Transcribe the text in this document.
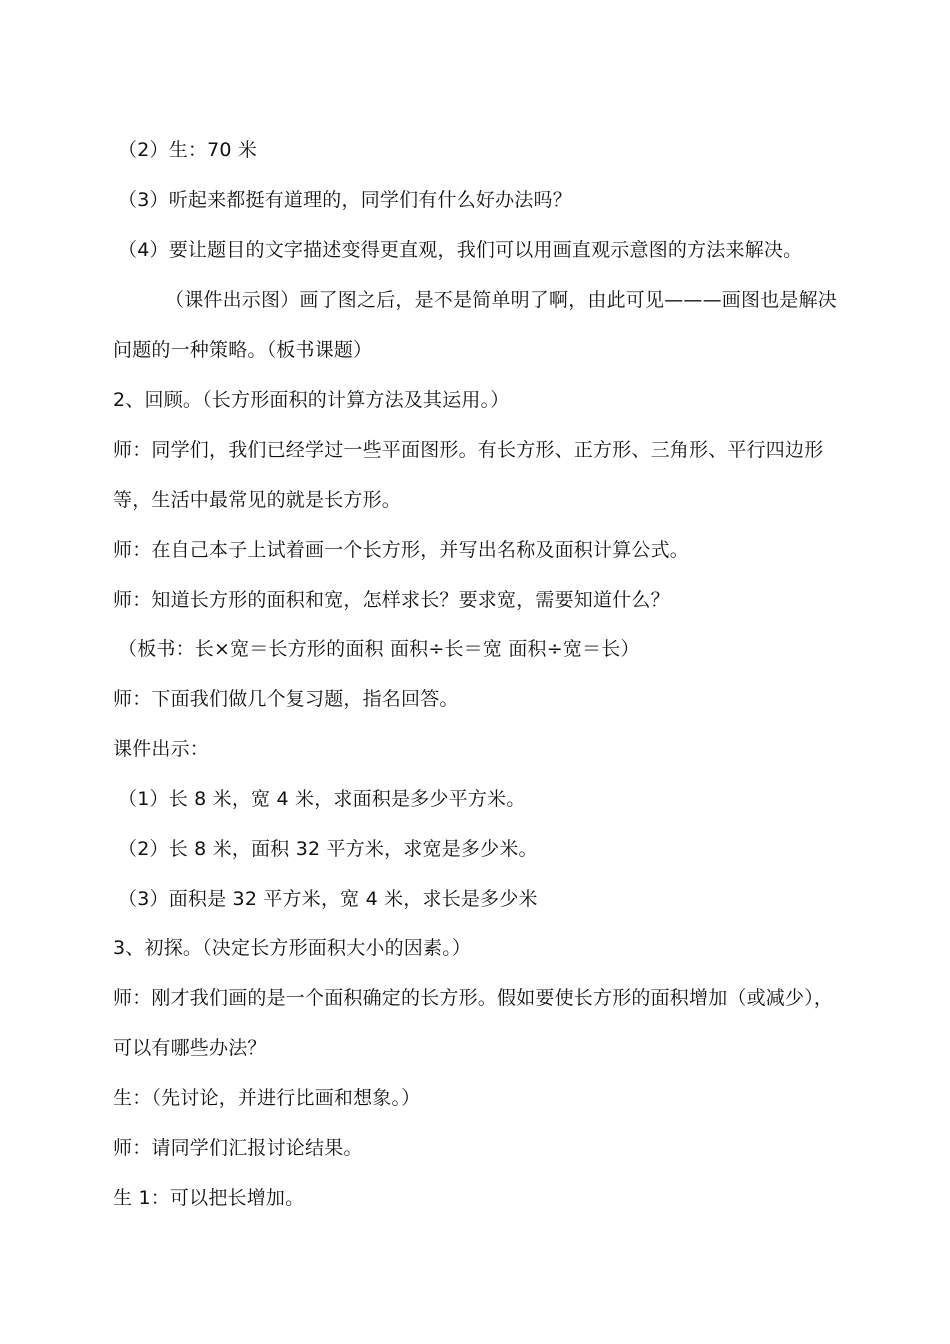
（2）生：70 米
（3）听起来都挺有道理的，同学们有什么好办法吗？
（4）要让题目的文字描述变得更直观，我们可以用画直观示意图的方法来解决。
（课件出示图）画了图之后，是不是简单明了啊，由此可见———画图也是解决
问题的一种策略。（板书课题）
2、回顾。（长方形面积的计算方法及其运用。）
师：同学们，我们已经学过一些平面图形。有长方形、正方形、三角形、平行四边形
等，生活中最常见的就是长方形。
师：在自己本子上试着画一个长方形，并写出名称及面积计算公式。
师：知道长方形的面积和宽，怎样求长？要求宽，需要知道什么？
（板书：长×宽＝长方形的面积 面积÷长＝宽 面积÷宽＝长）
师：下面我们做几个复习题，指名回答。
课件出示：
（1）长 8 米，宽 4 米，求面积是多少平方米。
（2）长 8 米，面积 32 平方米，求宽是多少米。
（3）面积是 32 平方米，宽 4 米，求长是多少米
3、初探。（决定长方形面积大小的因素。）
师：刚才我们画的是一个面积确定的长方形。假如要使长方形的面积增加（或减少），
可以有哪些办法？
生：（先讨论，并进行比画和想象。）
师：请同学们汇报讨论结果。
生 1：可以把长增加。
